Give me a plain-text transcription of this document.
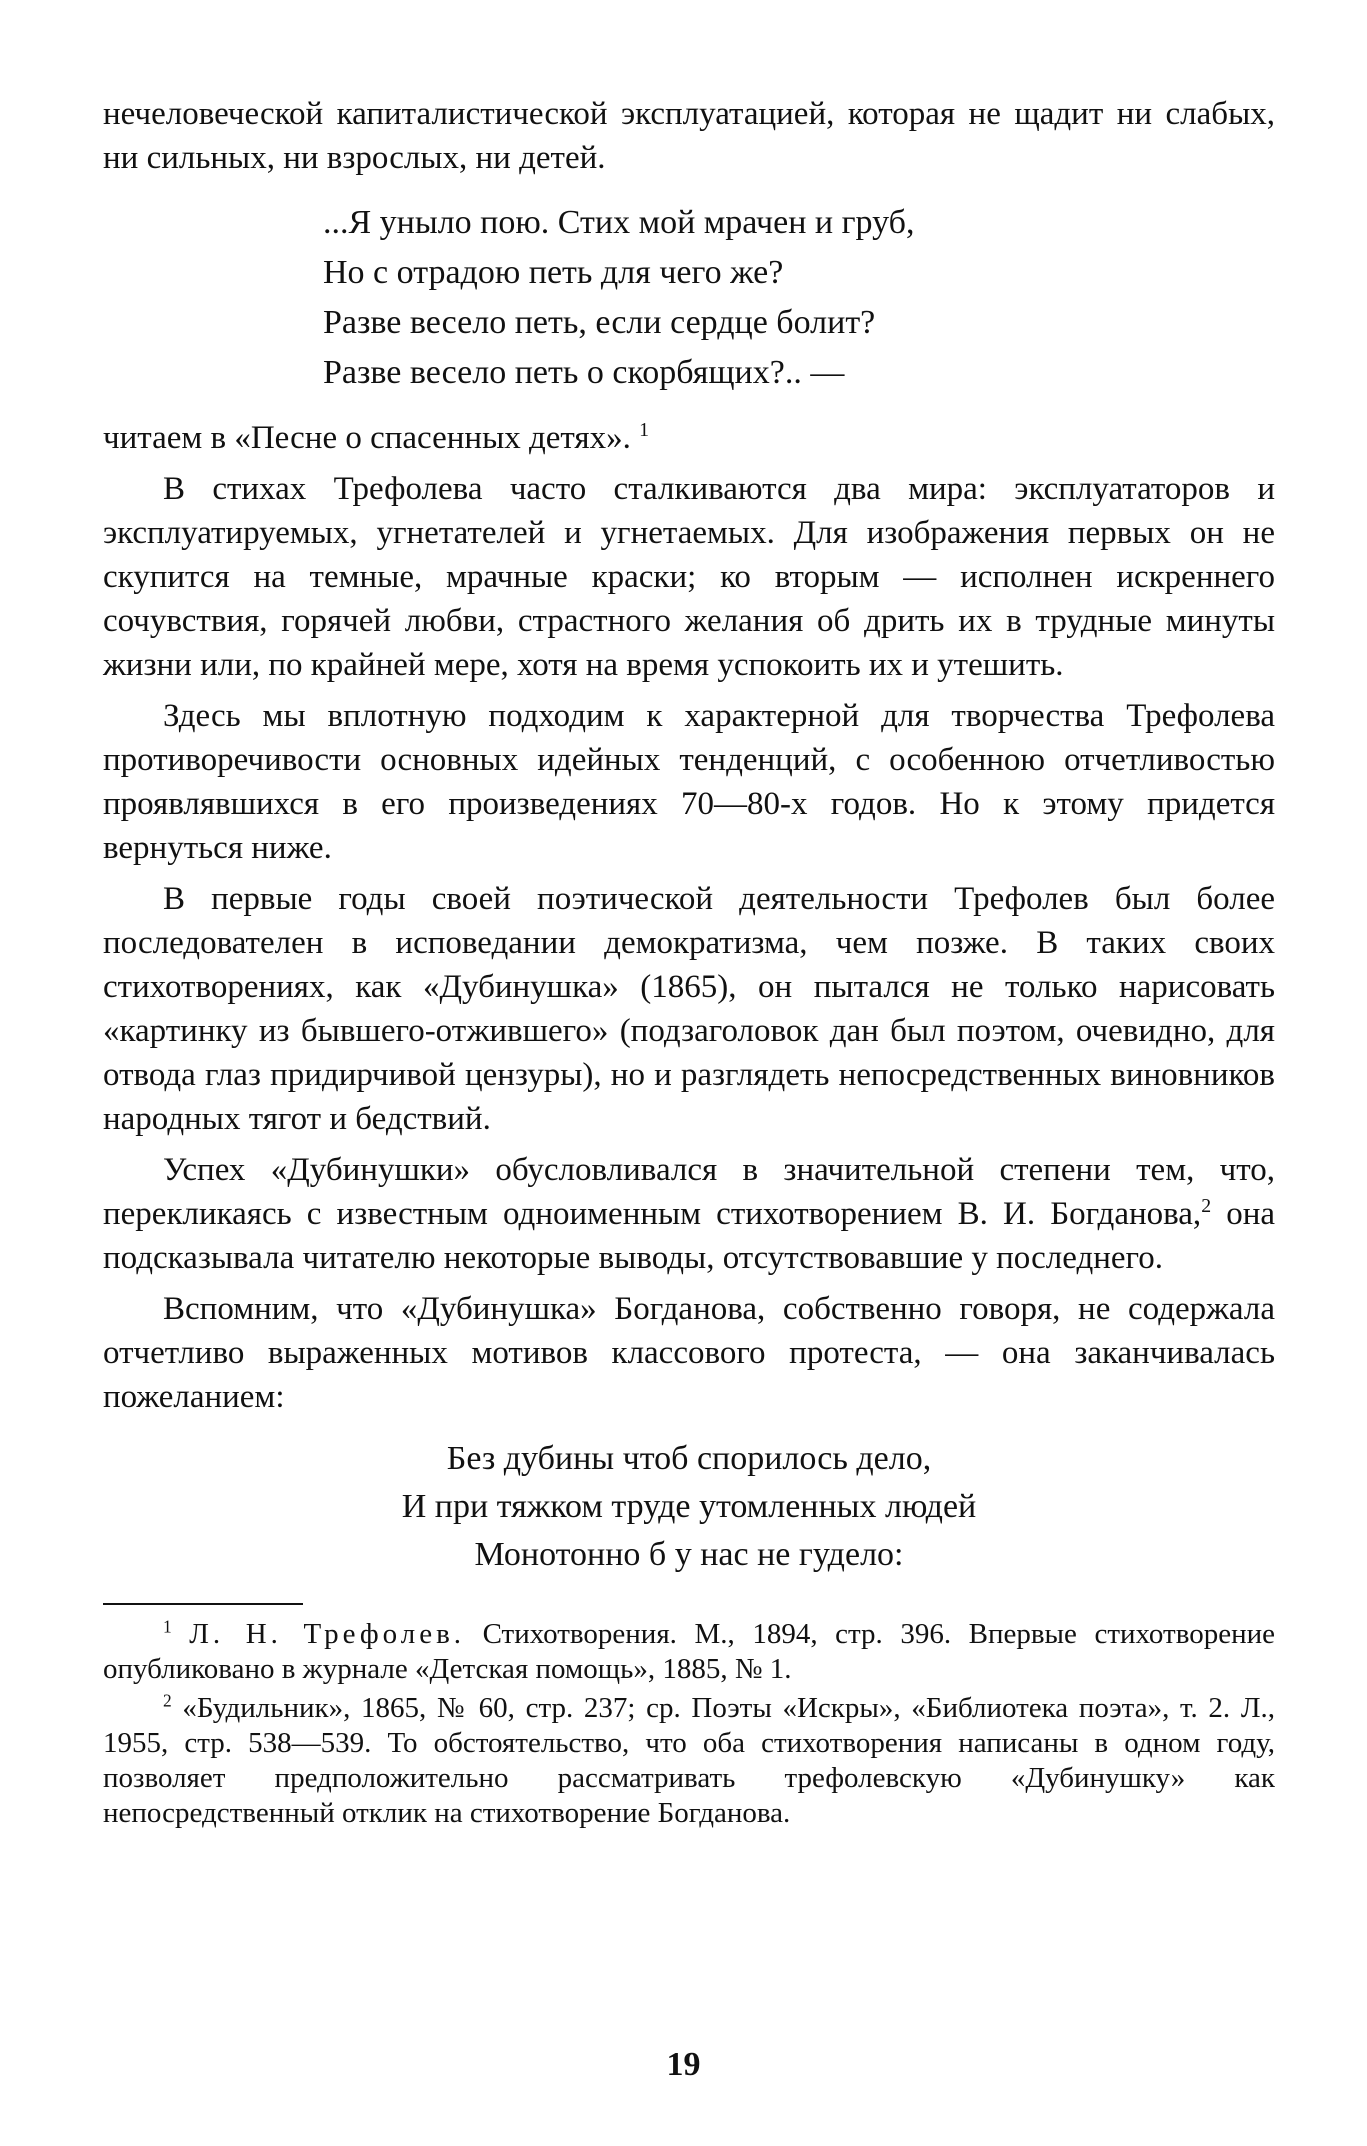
нечеловеческой капиталистической эксплуатацией, которая не щадит ни слабых, ни сильных, ни взрослых, ни детей.

...Я уныло пою. Стих мой мрачен и груб,
Но с отрадою петь для чего же?
Разве весело петь, если сердце болит?
Разве весело петь о скорбящих?.. —

читаем в «Песне о спасенных детях». $^1$

В стихах Трефолева часто сталкиваются два мира: эксплуататоров и эксплуатируемых, угнетателей и угнетаемых. Для изображения первых он не скупится на темные, мрачные краски; ко вторым — исполнен искреннего сочувствия, горячей любви, страстного желания об дрить их в трудные минуты жизни или, по крайней мере, хотя на время успокоить их и утешить.

Здесь мы вплотную подходим к характерной для творчества Трефолева противоречивости основных идейных тенденций, с особенною отчетливостью проявлявшихся в его произведениях 70—80-х годов. Но к этому придется вернуться ниже.

В первые годы своей поэтической деятельности Трефолев был более последователен в исповедании демократизма, чем позже. В таких своих стихотворениях, как «Дубинушка» (1865), он пытался не только нарисовать «картинку из бывшего-отжившего» (подзаголовок дан был поэтом, очевидно, для отвода глаз придирчивой цензуры), но и разглядеть непосредственных виновников народных тягот и бедствий.

Успех «Дубинушки» обусловливался в значительной степени тем, что, перекликаясь с известным одноименным стихотворением В. И. Богданова,$^2$ она подсказывала читателю некоторые выводы, отсутствовавшие у последнего.

Вспомним, что «Дубинушка» Богданова, собственно говоря, не содержала отчетливо выраженных мотивов классового протеста, — она заканчивалась пожеланием:

Без дубины чтоб спорилось дело,
И при тяжком труде утомленных людей
Монотонно б у нас не гудело:

$^1$ Л. Н. Трефолев. Стихотворения. М., 1894, стр. 396. Впервые стихотворение опубликовано в журнале «Детская помощь», 1885, № 1.

$^2$ «Будильник», 1865, № 60, стр. 237; ср. Поэты «Искры», «Библиотека поэта», т. 2. Л., 1955, стр. 538—539. То обстоятельство, что оба стихотворения написаны в одном году, позволяет предположительно рассматривать трефолевскую «Дубинушку» как непосредственный отклик на стихотворение Богданова.

19
